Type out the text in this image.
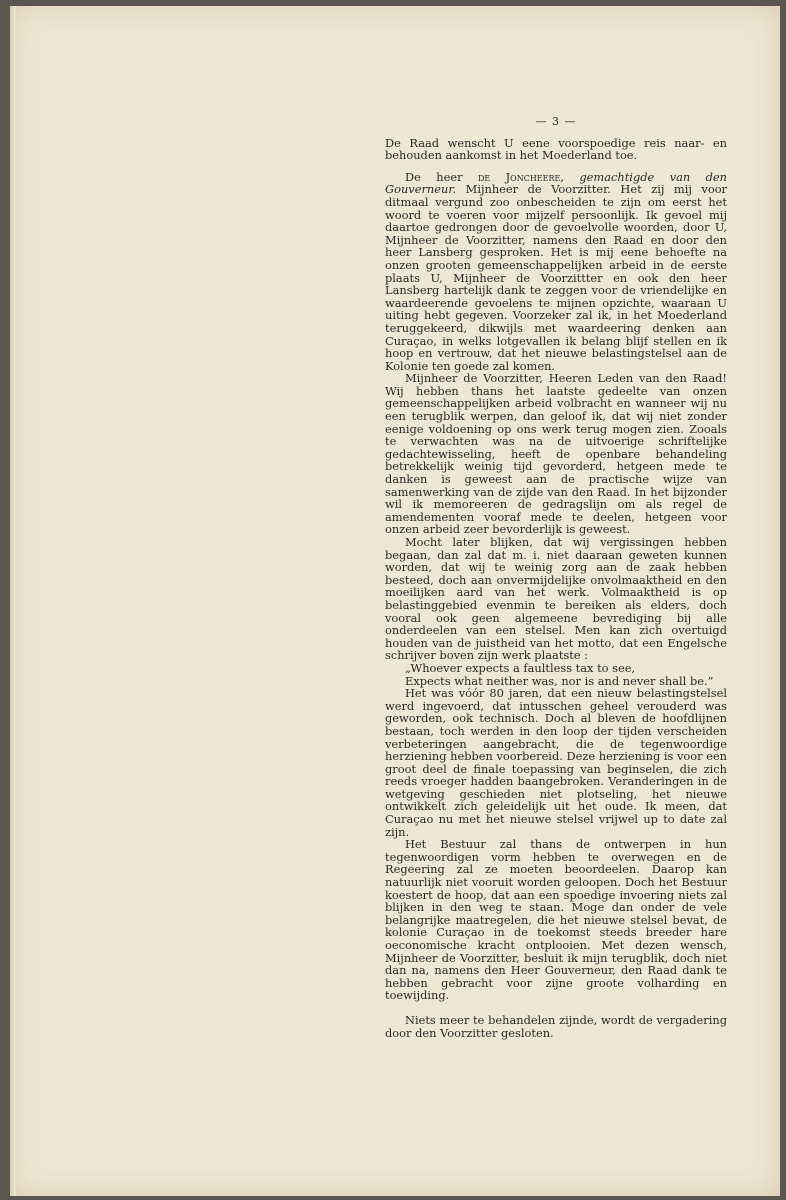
— 3 —

De Raad wenscht U eene voorspoedige reis naar- en behouden aankomst in het Moederland toe.

De heer de Joncheere, gemachtigde van den Gouverneur. Mijnheer de Voorzitter. Het zij mij voor ditmaal vergund zoo onbescheiden te zijn om eerst het woord te voeren voor mijzelf persoonlijk. Ik gevoel mij daartoe gedrongen door de gevoelvolle woorden, door U, Mijnheer de Voorzitter, namens den Raad en door den heer Lansberg gesproken. Het is mij eene behoefte na onzen grooten gemeenschappelijken arbeid in de eerste plaats U, Mijnheer de Voorzittter en ook den heer Lansberg hartelijk dank te zeggen voor de vriendelijke en waardeerende gevoelens te mijnen opzichte, waaraan U uiting hebt gegeven. Voorzeker zal ik, in het Moederland teruggekeerd, dikwijls met waardeering denken aan Curaçao, in welks lotgevallen ik belang blijf stellen en ik hoop en vertrouw, dat het nieuwe belastingstelsel aan de Kolonie ten goede zal komen.

Mijnheer de Voorzitter, Heeren Leden van den Raad! Wij hebben thans het laatste gedeelte van onzen gemeenschappelijken arbeid volbracht en wanneer wij nu een terugblik werpen, dan geloof ik, dat wij niet zonder eenige voldoening op ons werk terug mogen zien. Zooals te verwachten was na de uitvoerige schriftelijke gedachtewisseling, heeft de openbare behandeling betrekkelijk weinig tijd gevorderd, hetgeen mede te danken is geweest aan de practische wijze van samenwerking van de zijde van den Raad. In het bijzonder wil ik memoreeren de gedragslijn om als regel de amendementen vooraf mede te deelen, hetgeen voor onzen arbeid zeer bevorderlijk is geweest.

Mocht later blijken, dat wij vergissingen hebben begaan, dan zal dat m. i. niet daaraan geweten kunnen worden, dat wij te weinig zorg aan de zaak hebben besteed, doch aan onvermijdelijke onvolmaaktheid en den moeilijken aard van het werk. Volmaaktheid is op belastinggebied evenmin te bereiken als elders, doch vooral ook geen algemeene bevrediging bij alle onderdeelen van een stelsel. Men kan zich overtuigd houden van de juistheid van het motto, dat een Engelsche schrijver boven zijn werk plaatste :

„Whoever expects a faultless tax to see,
Expects what neither was, nor is and never shall be.”

Het was vóór 80 jaren, dat een nieuw belastingstelsel werd ingevoerd, dat intusschen geheel verouderd was geworden, ook technisch. Doch al bleven de hoofdlijnen bestaan, toch werden in den loop der tijden verscheiden verbeteringen aangebracht, die de tegenwoordige herziening hebben voorbereid. Deze herziening is voor een groot deel de finale toepassing van beginselen, die zich reeds vroeger hadden baangebroken. Veranderingen in de wetgeving geschieden niet plotseling, het nieuwe ontwikkelt zich geleidelijk uit het oude. Ik meen, dat Curaçao nu met het nieuwe stelsel vrijwel up to date zal zijn.

Het Bestuur zal thans de ontwerpen in hun tegenwoordigen vorm hebben te overwegen en de Regeering zal ze moeten beoordeelen. Daarop kan natuurlijk niet vooruit worden geloopen. Doch het Bestuur koestert de hoop, dat aan een spoedige invoering niets zal blijken in den weg te staan. Moge dan onder de vele belangrijke maatregelen, die het nieuwe stelsel bevat, de kolonie Curaçao in de toekomst steeds breeder hare oeconomische kracht ontplooien. Met dezen wensch, Mijnheer de Voorzitter, besluit ik mijn terugblik, doch niet dan na, namens den Heer Gouverneur, den Raad dank te hebben gebracht voor zijne groote volharding en toewijding.

Niets meer te behandelen zijnde, wordt de vergadering door den Voorzitter gesloten.
